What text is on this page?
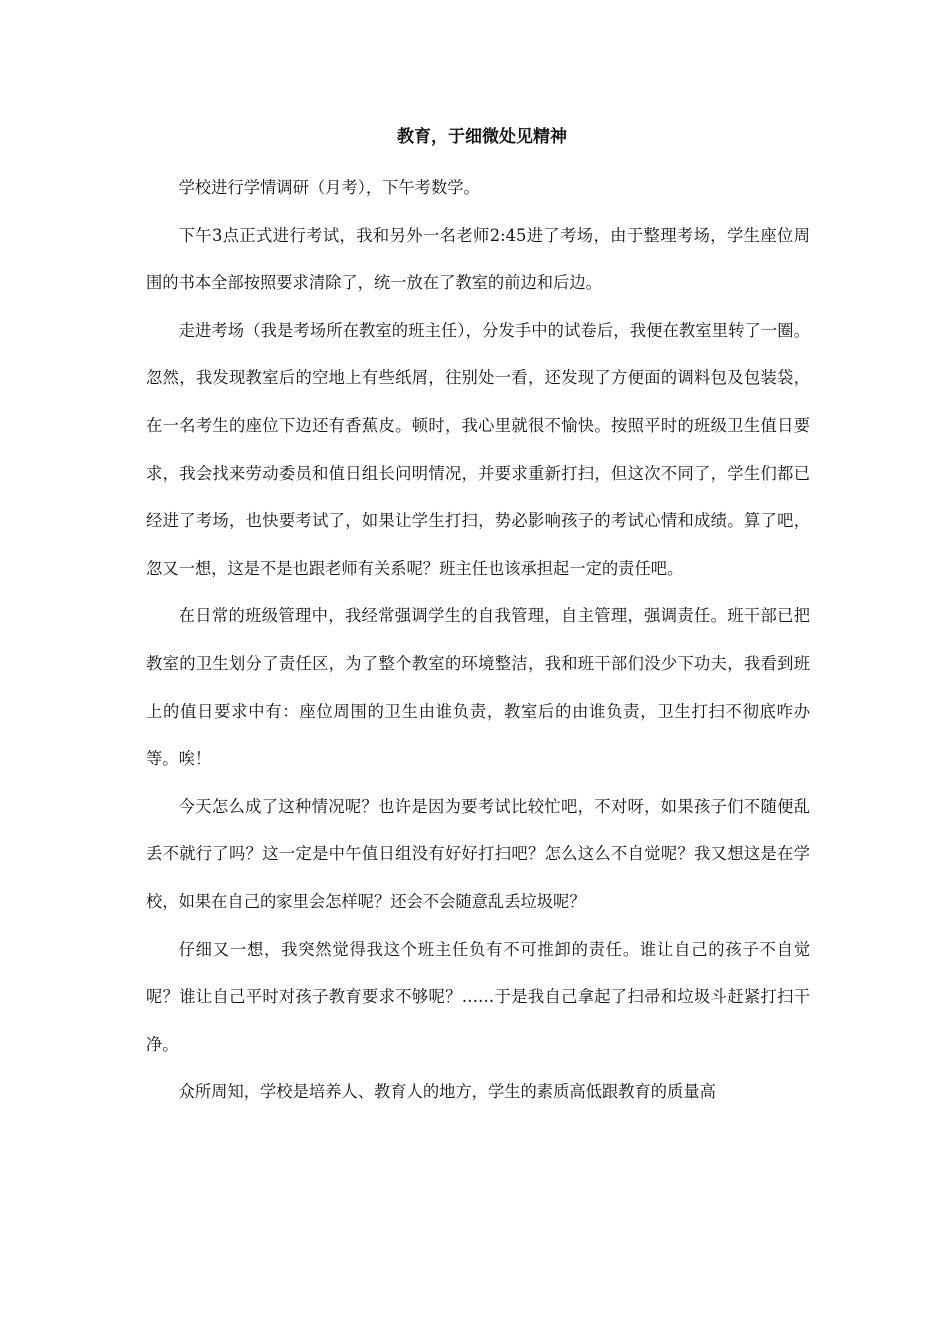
教育，于细微处见精神

学校进行学情调研（月考），下午考数学。

下午3点正式进行考试，我和另外一名老师2:45进了考场，由于整理考场，学生座位周围的书本全部按照要求清除了，统一放在了教室的前边和后边。

走进考场（我是考场所在教室的班主任），分发手中的试卷后，我便在教室里转了一圈。忽然，我发现教室后的空地上有些纸屑，往别处一看，还发现了方便面的调料包及包装袋，在一名考生的座位下边还有香蕉皮。顿时，我心里就很不愉快。按照平时的班级卫生值日要求，我会找来劳动委员和值日组长问明情况，并要求重新打扫，但这次不同了，学生们都已经进了考场，也快要考试了，如果让学生打扫，势必影响孩子的考试心情和成绩。算了吧，忽又一想，这是不是也跟老师有关系呢？班主任也该承担起一定的责任吧。

在日常的班级管理中，我经常强调学生的自我管理，自主管理，强调责任。班干部已把教室的卫生划分了责任区，为了整个教室的环境整洁，我和班干部们没少下功夫，我看到班上的值日要求中有：座位周围的卫生由谁负责，教室后的由谁负责，卫生打扫不彻底咋办等。唉！

今天怎么成了这种情况呢？也许是因为要考试比较忙吧，不对呀，如果孩子们不随便乱丢不就行了吗？这一定是中午值日组没有好好打扫吧？怎么这么不自觉呢？我又想这是在学校，如果在自己的家里会怎样呢？还会不会随意乱丢垃圾呢？

仔细又一想，我突然觉得我这个班主任负有不可推卸的责任。谁让自己的孩子不自觉呢？谁让自己平时对孩子教育要求不够呢？……于是我自己拿起了扫帚和垃圾斗赶紧打扫干净。

众所周知，学校是培养人、教育人的地方，学生的素质高低跟教育的质量高
